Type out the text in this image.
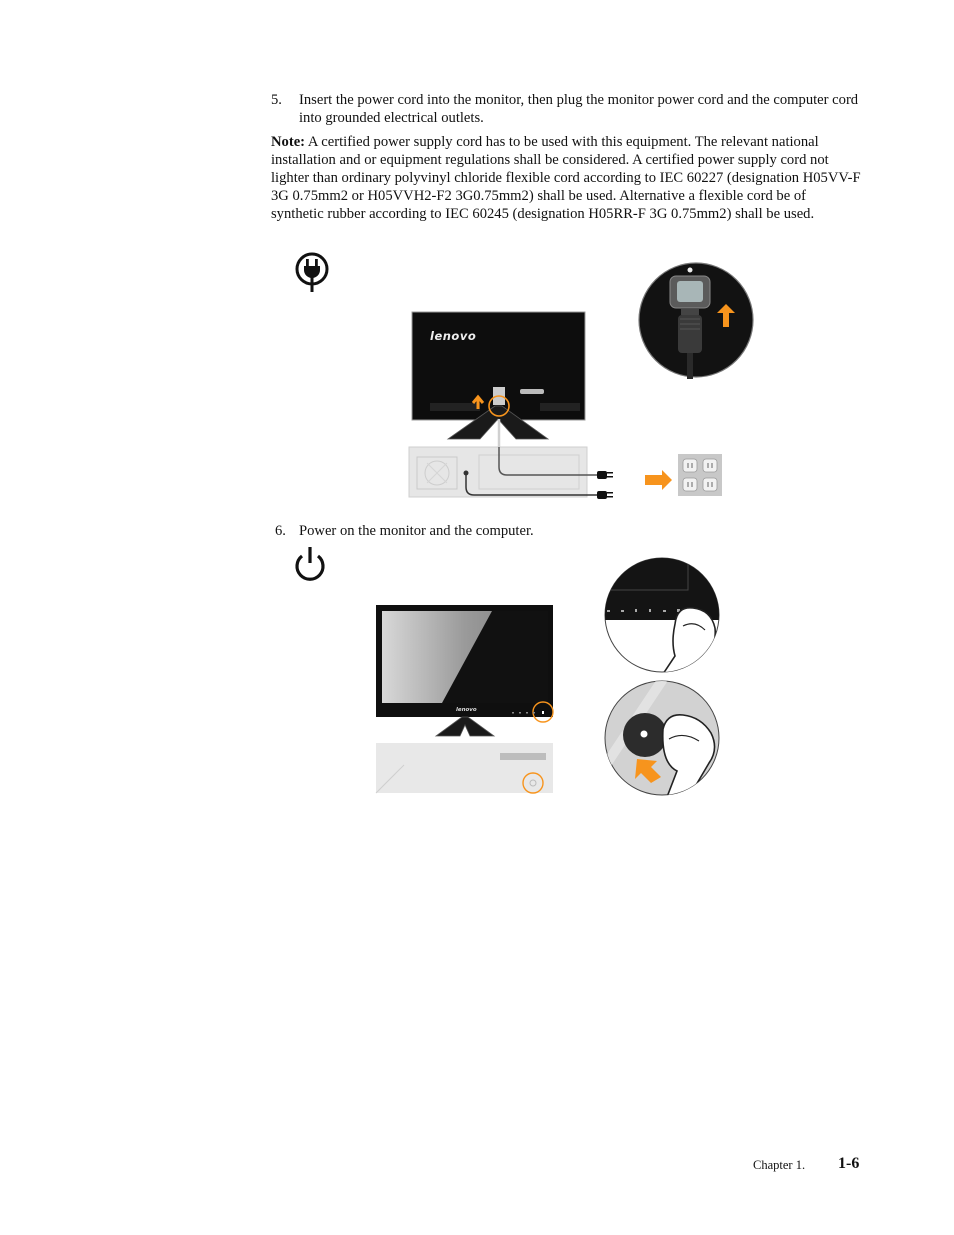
5. Insert the power cord into the monitor, then plug the monitor power cord and the computer cord into grounded electrical outlets.
Note: A certified power supply cord has to be used with this equipment. The relevant national installation and or equipment regulations shall be considered. A certified power supply cord not lighter than ordinary polyvinyl chloride flexible cord according to IEC 60227 (designation H05VV-F 3G 0.75mm2 or H05VVH2-F2 3G0.75mm2) shall be used. Alternative a flexible cord be of synthetic rubber according to IEC 60245 (designation H05RR-F 3G 0.75mm2) shall be used.
lenovo
6. Power on the monitor and the computer.
lenovo
Chapter 1. 1-6
